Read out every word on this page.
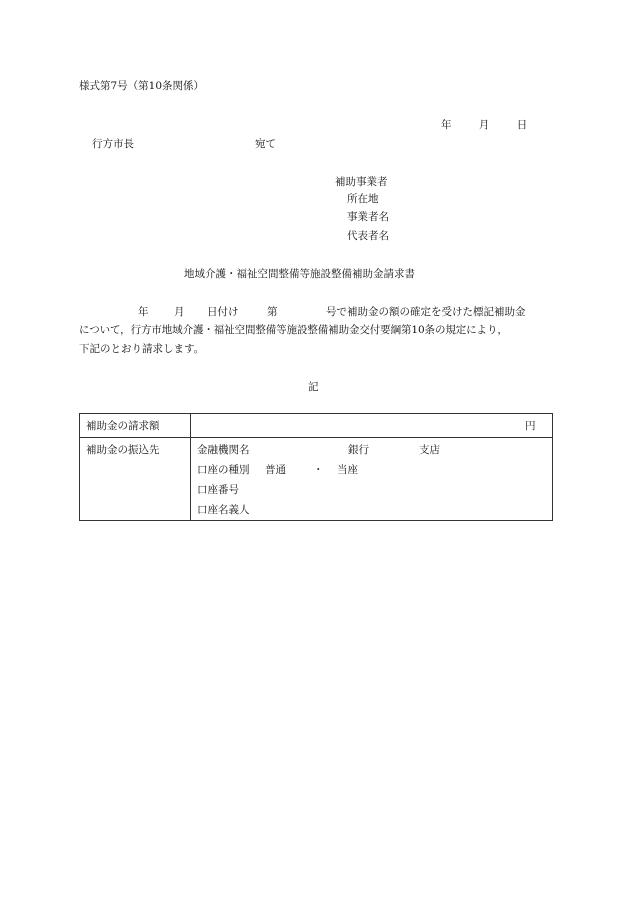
様式第7号（第10条関係）
年	月	日
行方市長	宛て
補助事業者
所在地
事業者名
代表者名
地域介護・福祉空間整備等施設整備補助金請求書
年 月 日付け	第	号で補助金の額の確定を受けた標記補助金
について，行方市地域介護・福祉空間整備等施設整備補助金交付要綱第10条の規定により，
下記のとおり請求します。
記
補助金の請求額	円
補助金の振込先	金融機関名	銀行	支店
口座の種別 普通	・ 当座
口座番号
口座名義人
